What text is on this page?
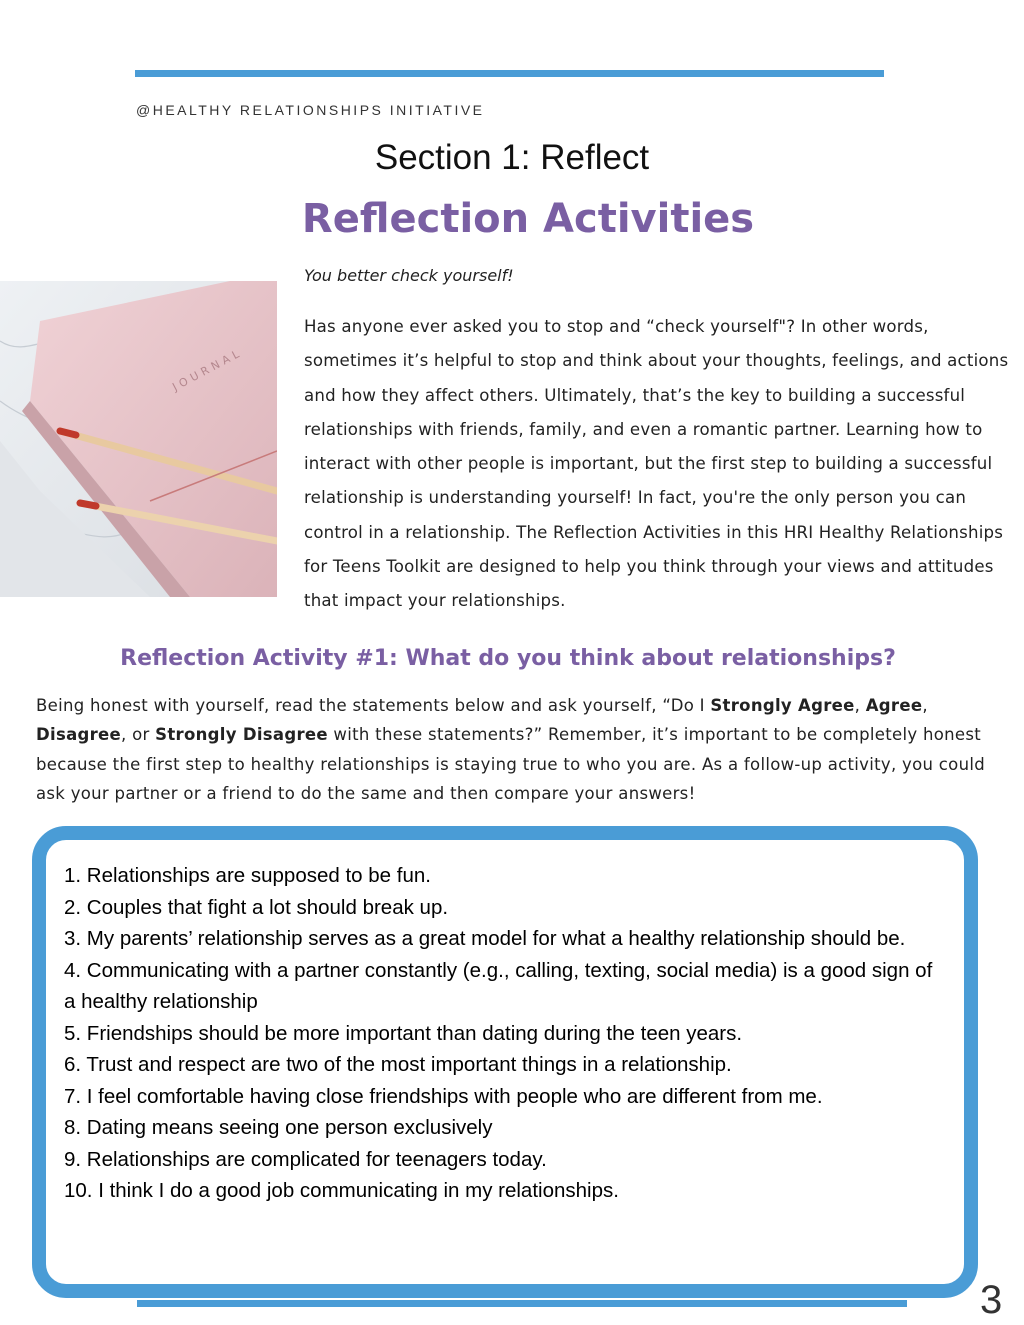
@HEALTHY RELATIONSHIPS INITIATIVE
Section 1: Reflect
Reflection Activities
JOURNAL
You better check yourself!
Has anyone ever asked you to stop and “check yourself"? In other words, sometimes it’s helpful to stop and think about your thoughts, feelings, and actions and how they affect others. Ultimately, that’s the key to building a successful relationships with friends, family, and even a romantic partner. Learning how to interact with other people is important, but the first step to building a successful relationship is understanding yourself! In fact, you're the only person you can control in a relationship. The Reflection Activities in this HRI Healthy Relationships for Teens Toolkit are designed to help you think through your views and attitudes that impact your relationships.
Reflection Activity #1: What do you think about relationships?
Being honest with yourself, read the statements below and ask yourself, “Do I Strongly Agree, Agree, Disagree, or Strongly Disagree with these statements?” Remember, it’s important to be completely honest because the first step to healthy relationships is staying true to who you are. As a follow-up activity, you could ask your partner or a friend to do the same and then compare your answers!
1. Relationships are supposed to be fun.
2. Couples that fight a lot should break up.
3. My parents’ relationship serves as a great model for what a healthy relationship should be.
4. Communicating with a partner constantly (e.g., calling, texting, social media) is a good sign of a healthy relationship
5. Friendships should be more important than dating during the teen years.
6. Trust and respect are two of the most important things in a relationship.
7. I feel comfortable having close friendships with people who are different from me.
8. Dating means seeing one person exclusively
9. Relationships are complicated for teenagers today.
10. I think I do a good job communicating in my relationships.
3
